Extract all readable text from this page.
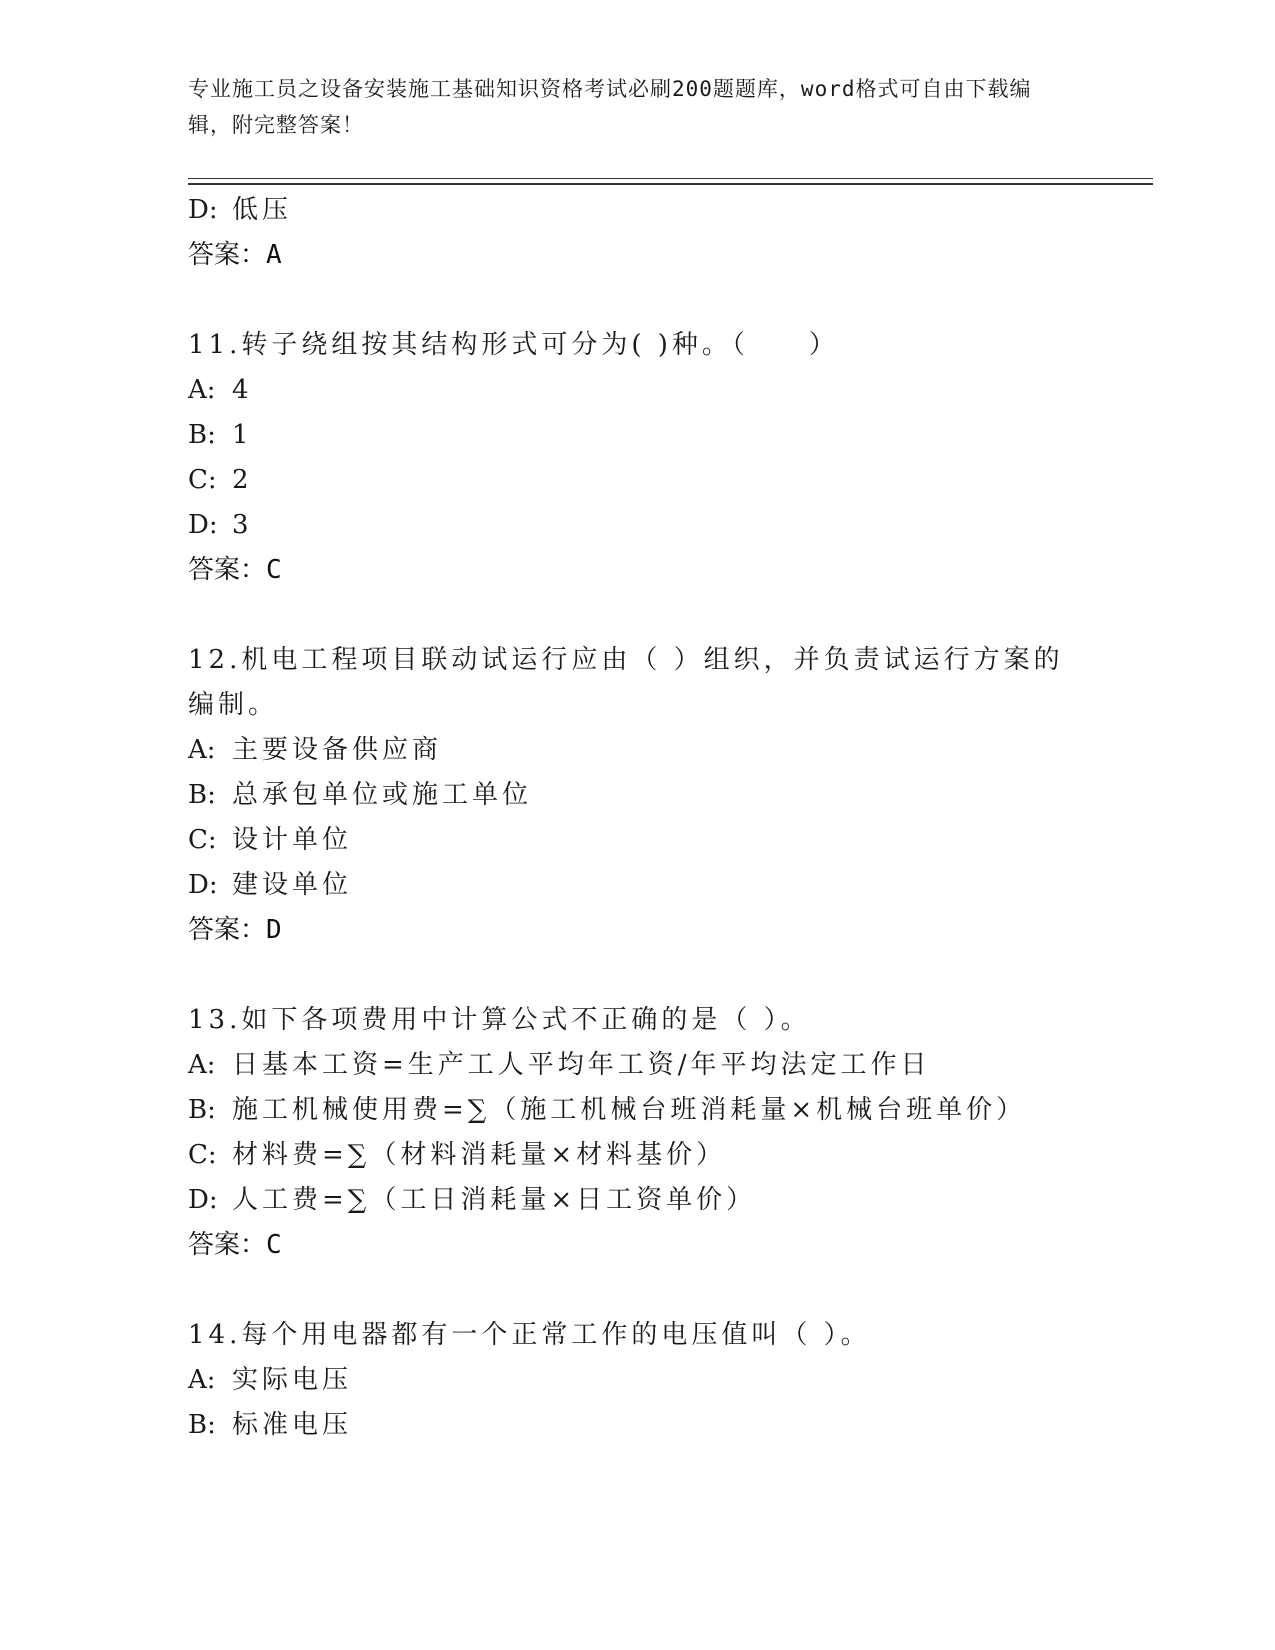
专业施工员之设备安装施工基础知识资格考试必刷200题题库，word格式可自由下载编辑，附完整答案！
D: 低压
答案：A
11.转子绕组按其结构形式可分为( )种。（　　）
A: 4
B: 1
C: 2
D: 3
答案：C
12.机电工程项目联动试运行应由（ ）组织，并负责试运行方案的编制。
A: 主要设备供应商
B: 总承包单位或施工单位
C: 设计单位
D: 建设单位
答案：D
13.如下各项费用中计算公式不正确的是（ ）。
A: 日基本工资=生产工人平均年工资/年平均法定工作日
B: 施工机械使用费=∑（施工机械台班消耗量×机械台班单价）
C: 材料费=∑（材料消耗量×材料基价）
D: 人工费=∑（工日消耗量×日工资单价）
答案：C
14.每个用电器都有一个正常工作的电压值叫（ ）。
A: 实际电压
B: 标准电压
